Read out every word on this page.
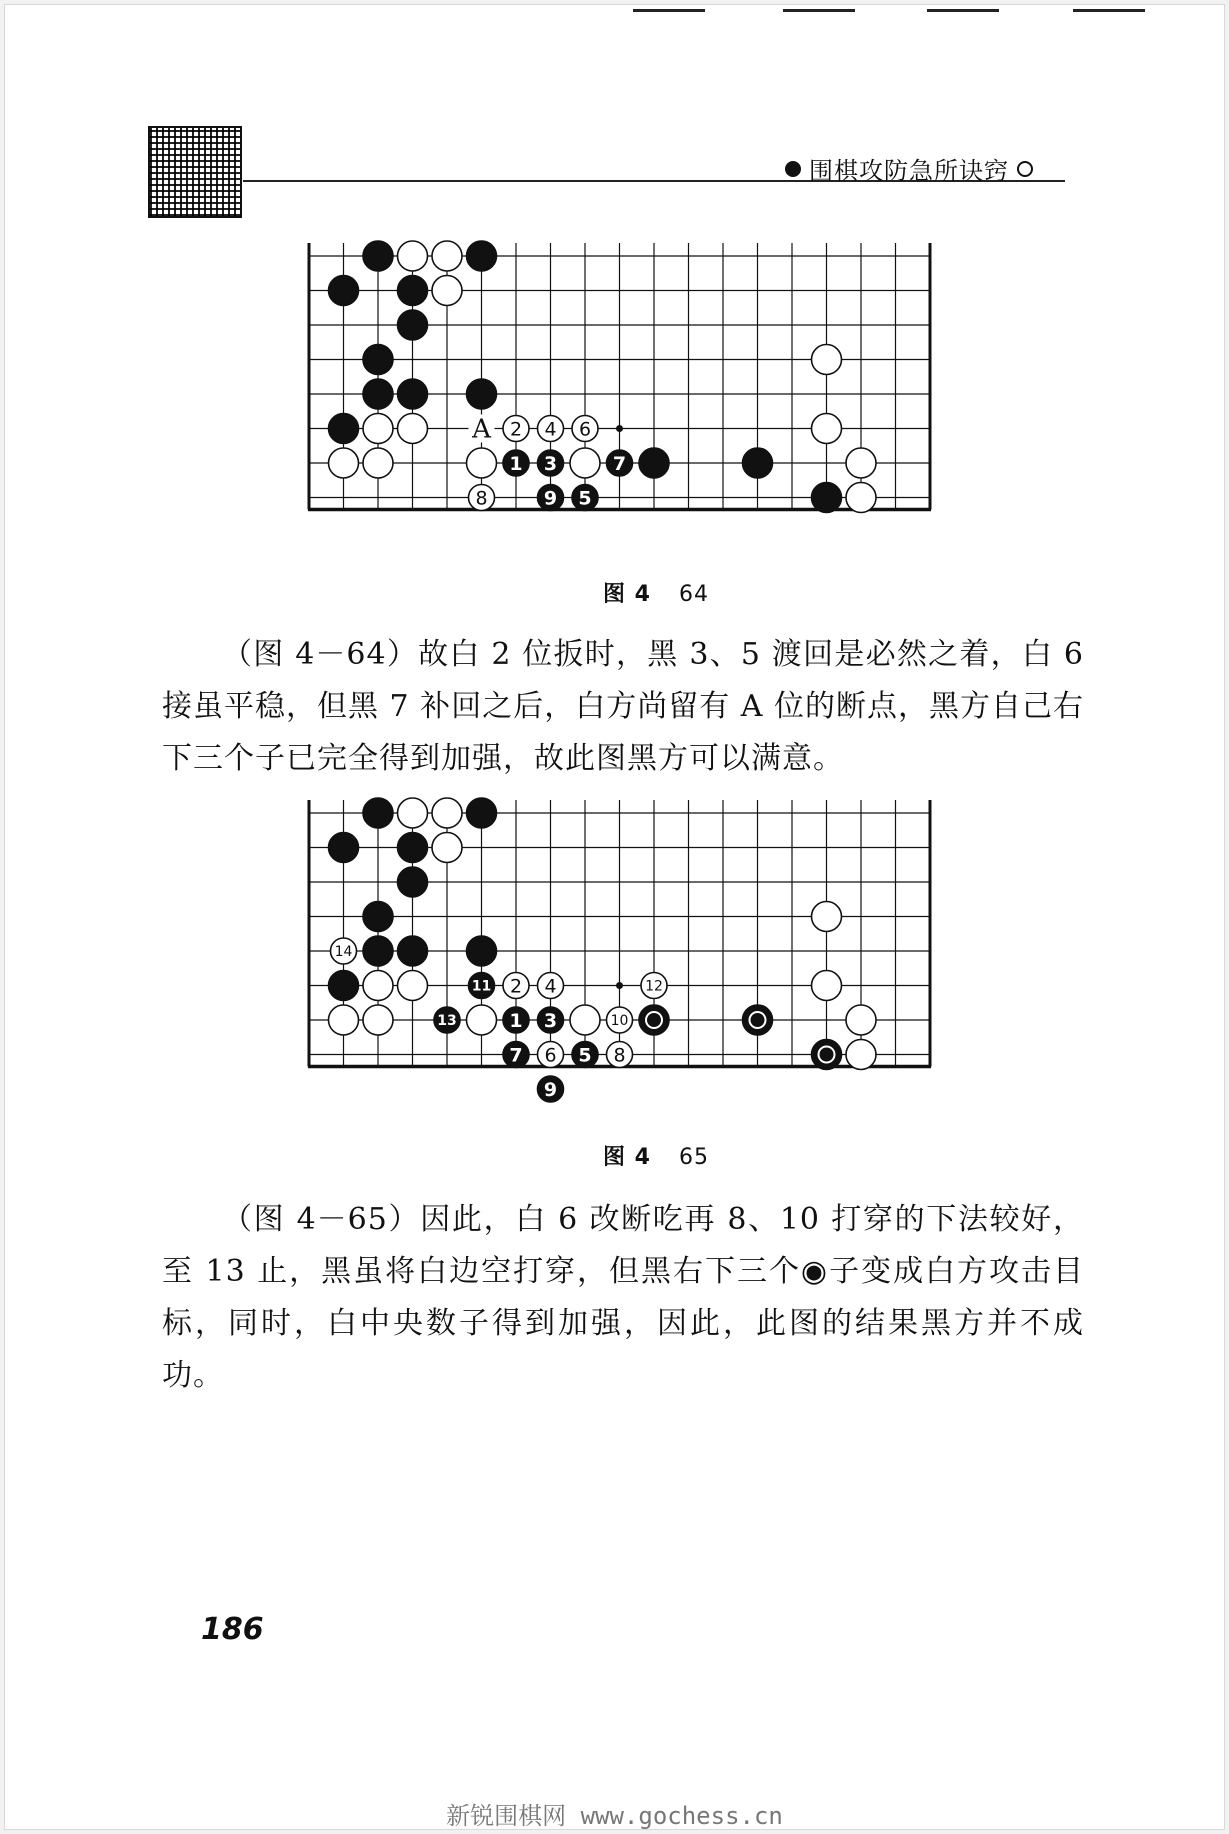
围棋攻防急所诀窍
A 2 4 6
1 3	7
8	9 5
图 4 64

（图 4－64）故白 2 位扳时，黑 3、5 渡回是必然之着，白 6 接虽平稳，但黑 7 补回之后，白方尚留有 A 位的断点，黑方自己右下三个子已完全得到加强，故此图黑方可以满意。

14
11 2 4	12
13	1 3	10
7 6 5 8
9
图 4 65

（图 4－65）因此，白 6 改断吃再 8、10 打穿的下法较好，至 13 止，黑虽将白边空打穿，但黑右下三个◉子变成白方攻击目标，同时，白中央数子得到加强，因此，此图的结果黑方并不成功。

186
新锐围棋网 www.gochess.cn
